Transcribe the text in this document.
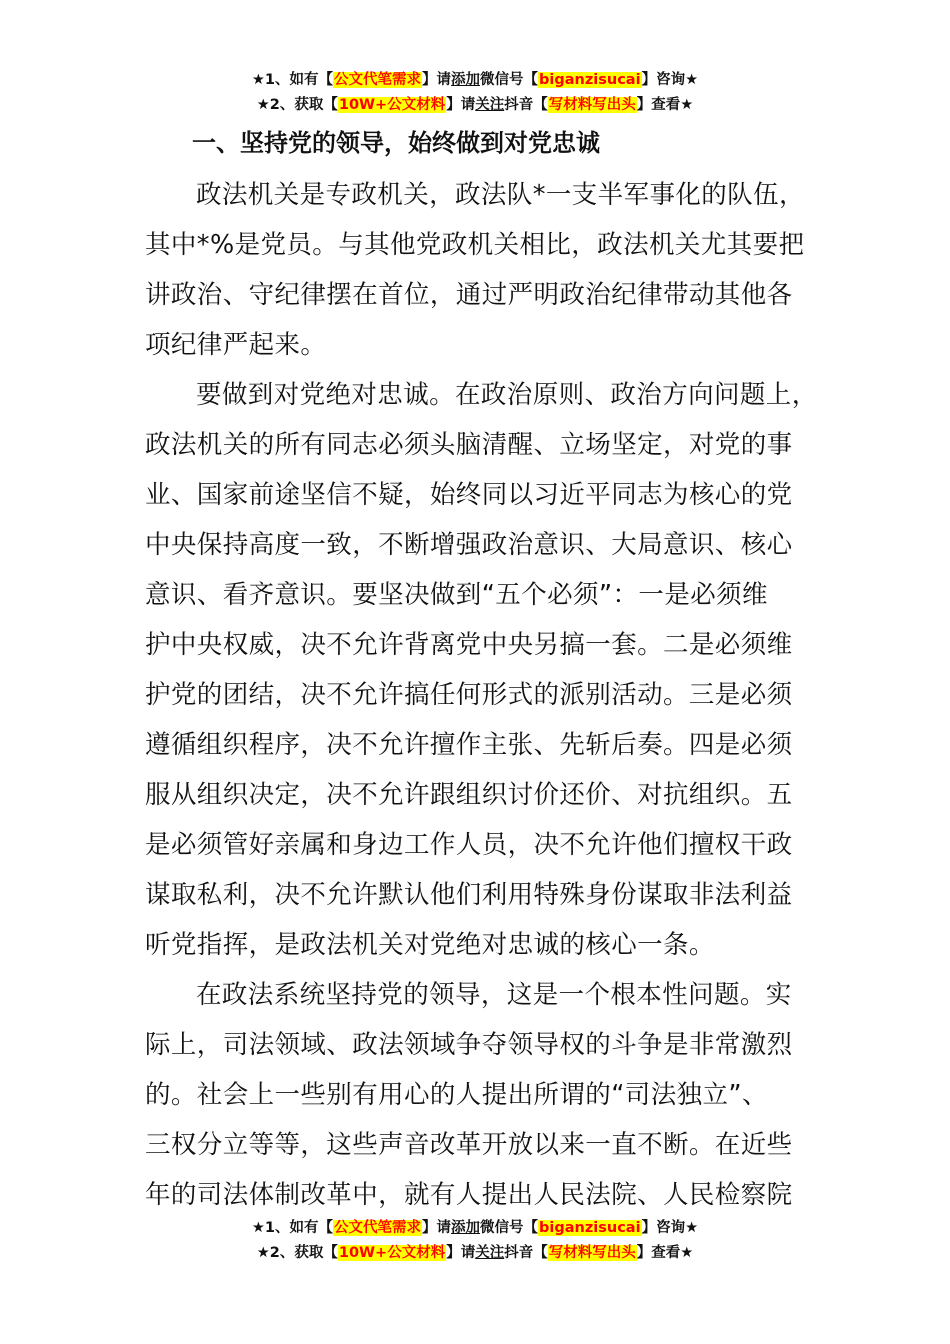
★1、如有【公文代笔需求】请添加微信号【biganzisucai】咨询★
★2、获取【10W+公文材料】请关注抖音【写材料写出头】查看★
一、坚持党的领导，始终做到对党忠诚
政法机关是专政机关，政法队*一支半军事化的队伍，
其中*%是党员。与其他党政机关相比，政法机关尤其要把
讲政治、守纪律摆在首位，通过严明政治纪律带动其他各
项纪律严起来。
要做到对党绝对忠诚。在政治原则、政治方向问题上，
政法机关的所有同志必须头脑清醒、立场坚定，对党的事
业、国家前途坚信不疑，始终同以习近平同志为核心的党
中央保持高度一致，不断增强政治意识、大局意识、核心
意识、看齐意识。要坚决做到“五个必须”：一是必须维
护中央权威，决不允许背离党中央另搞一套。二是必须维
护党的团结，决不允许搞任何形式的派别活动。三是必须
遵循组织程序，决不允许擅作主张、先斩后奏。四是必须
服从组织决定，决不允许跟组织讨价还价、对抗组织。五
是必须管好亲属和身边工作人员，决不允许他们擅权干政
谋取私利，决不允许默认他们利用特殊身份谋取非法利益
听党指挥，是政法机关对党绝对忠诚的核心一条。
在政法系统坚持党的领导，这是一个根本性问题。实
际上，司法领域、政法领域争夺领导权的斗争是非常激烈
的。社会上一些别有用心的人提出所谓的“司法独立”、
三权分立等等，这些声音改革开放以来一直不断。在近些
年的司法体制改革中，就有人提出人民法院、人民检察院
★1、如有【公文代笔需求】请添加微信号【biganzisucai】咨询★
★2、获取【10W+公文材料】请关注抖音【写材料写出头】查看★
